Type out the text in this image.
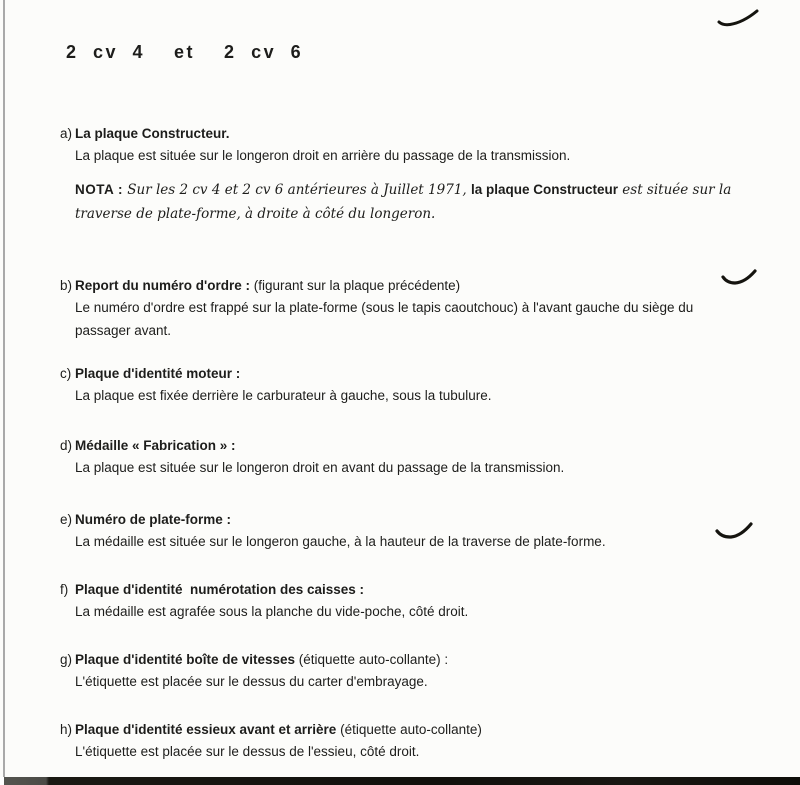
2 cv 4  et  2 cv 6
a) La plaque Constructeur.
La plaque est située sur le longeron droit en arrière du passage de la transmission.
NOTA : Sur les 2 cv 4 et 2 cv 6 antérieures à Juillet 1971, la plaque Constructeur est située sur la traverse de plate-forme, à droite à côté du longeron.
b) Report du numéro d'ordre : (figurant sur la plaque précédente)
Le numéro d'ordre est frappé sur la plate-forme (sous le tapis caoutchouc) à l'avant gauche du siège du passager avant.
c) Plaque d'identité moteur :
La plaque est fixée derrière le carburateur à gauche, sous la tubulure.
d) Médaille « Fabrication » :
La plaque est située sur le longeron droit en avant du passage de la transmission.
e) Numéro de plate-forme :
La médaille est située sur le longeron gauche, à la hauteur de la traverse de plate-forme.
f) Plaque d'identité  numérotation des caisses :
La médaille est agrafée sous la planche du vide-poche, côté droit.
g) Plaque d'identité boîte de vitesses (étiquette auto-collante) :
L'étiquette est placée sur le dessus du carter d'embrayage.
h) Plaque d'identité essieux avant et arrière (étiquette auto-collante)
L'étiquette est placée sur le dessus de l'essieu, côté droit.
